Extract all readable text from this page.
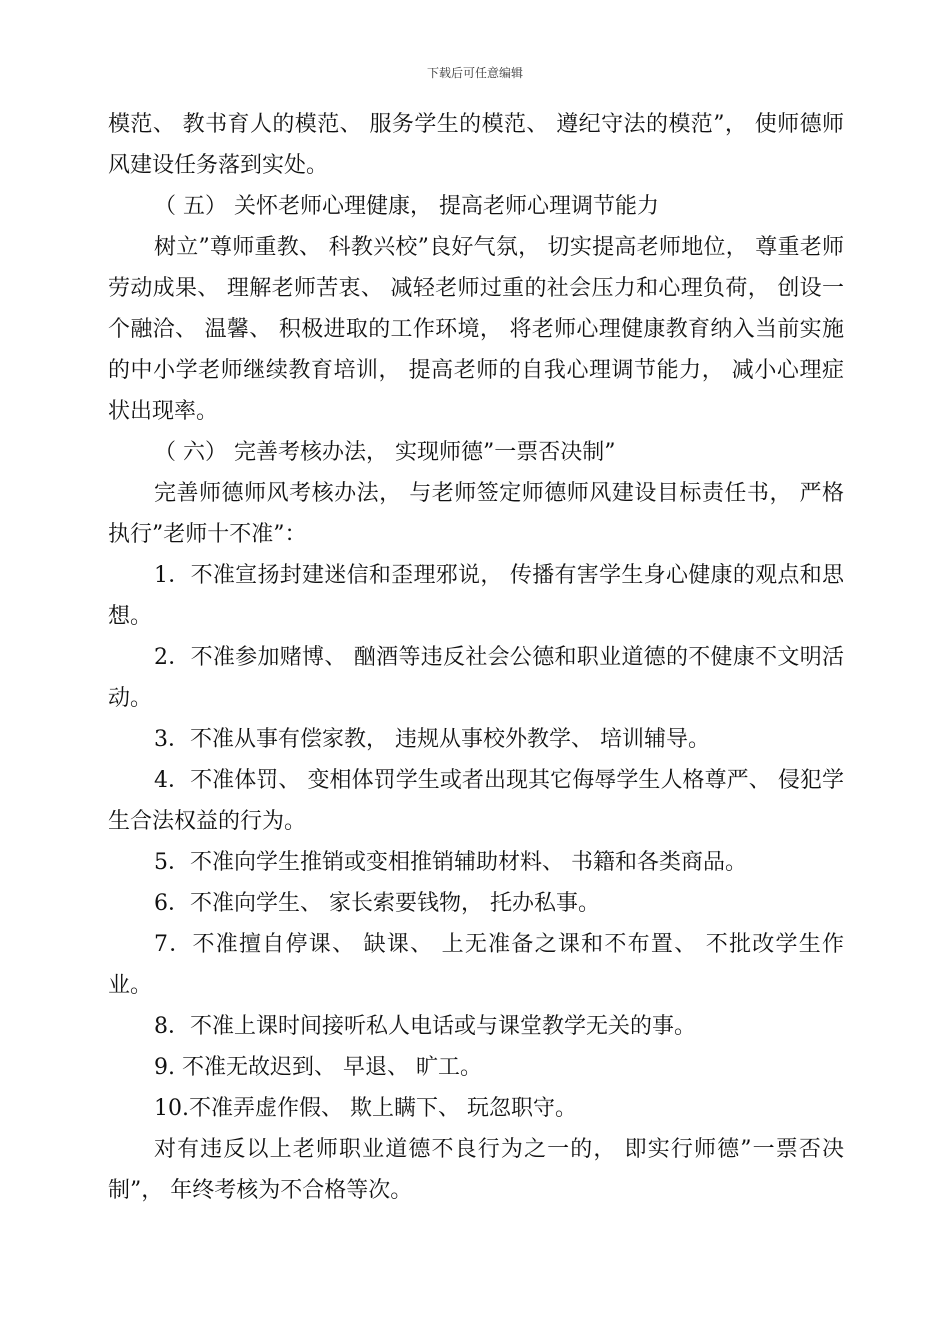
下载后可任意编辑

模范、 教书育人的模范、 服务学生的模范、 遵纪守法的模范”， 使师德师风建设任务落到实处。

（ 五） 关怀老师心理健康， 提高老师心理调节能力

树立”尊师重教、 科教兴校”良好气氛， 切实提高老师地位， 尊重老师劳动成果、 理解老师苦衷、 减轻老师过重的社会压力和心理负荷， 创设一个融洽、 温馨、 积极进取的工作环境， 将老师心理健康教育纳入当前实施的中小学老师继续教育培训， 提高老师的自我心理调节能力， 减小心理症状出现率。

（ 六） 完善考核办法， 实现师德”一票否决制”

完善师德师风考核办法， 与老师签定师德师风建设目标责任书， 严格执行”老师十不准”：

1．不准宣扬封建迷信和歪理邪说， 传播有害学生身心健康的观点和思想。

2．不准参加赌博、 酗酒等违反社会公德和职业道德的不健康不文明活动。

3．不准从事有偿家教， 违规从事校外教学、 培训辅导。

4．不准体罚、 变相体罚学生或者出现其它侮辱学生人格尊严、 侵犯学生合法权益的行为。

5．不准向学生推销或变相推销辅助材料、 书籍和各类商品。

6．不准向学生、 家长索要钱物， 托办私事。

7．不准擅自停课、 缺课、 上无准备之课和不布置、 不批改学生作业。

8．不准上课时间接听私人电话或与课堂教学无关的事。

9. 不准无故迟到、 早退、 旷工。

10.不准弄虚作假、 欺上瞒下、 玩忽职守。

对有违反以上老师职业道德不良行为之一的， 即实行师德”一票否决制”， 年终考核为不合格等次。
